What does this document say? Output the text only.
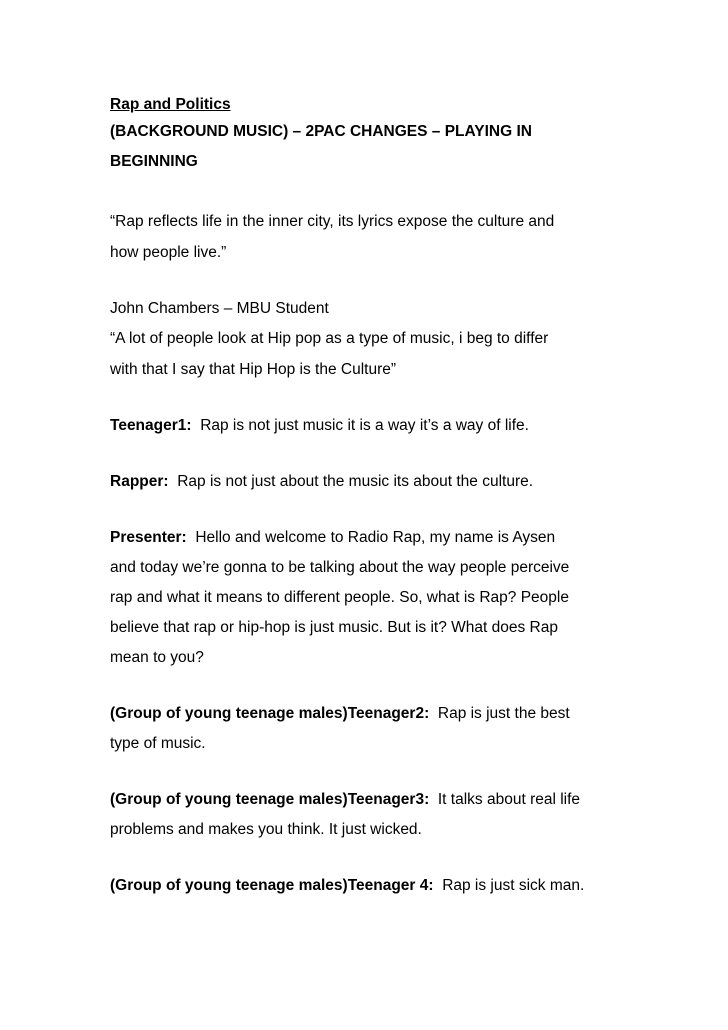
Rap and Politics

(BACKGROUND MUSIC) – 2PAC CHANGES – PLAYING IN

BEGINNING

“Rap reflects life in the inner city, its lyrics expose the culture and

how people live.”

John Chambers – MBU Student

“A lot of people look at Hip pop as a type of music, i beg to differ

with that I say that Hip Hop is the Culture”

Teenager1: Rap is not just music it is a way it’s a way of life.

Rapper: Rap is not just about the music its about the culture.

Presenter: Hello and welcome to Radio Rap, my name is Aysen

and today we’re gonna to be talking about the way people perceive

rap and what it means to different people. So, what is Rap? People

believe that rap or hip-hop is just music. But is it? What does Rap

mean to you?

(Group of young teenage males)Teenager2: Rap is just the best

type of music.

(Group of young teenage males)Teenager3: It talks about real life

problems and makes you think. It just wicked.

(Group of young teenage males)Teenager 4: Rap is just sick man.
